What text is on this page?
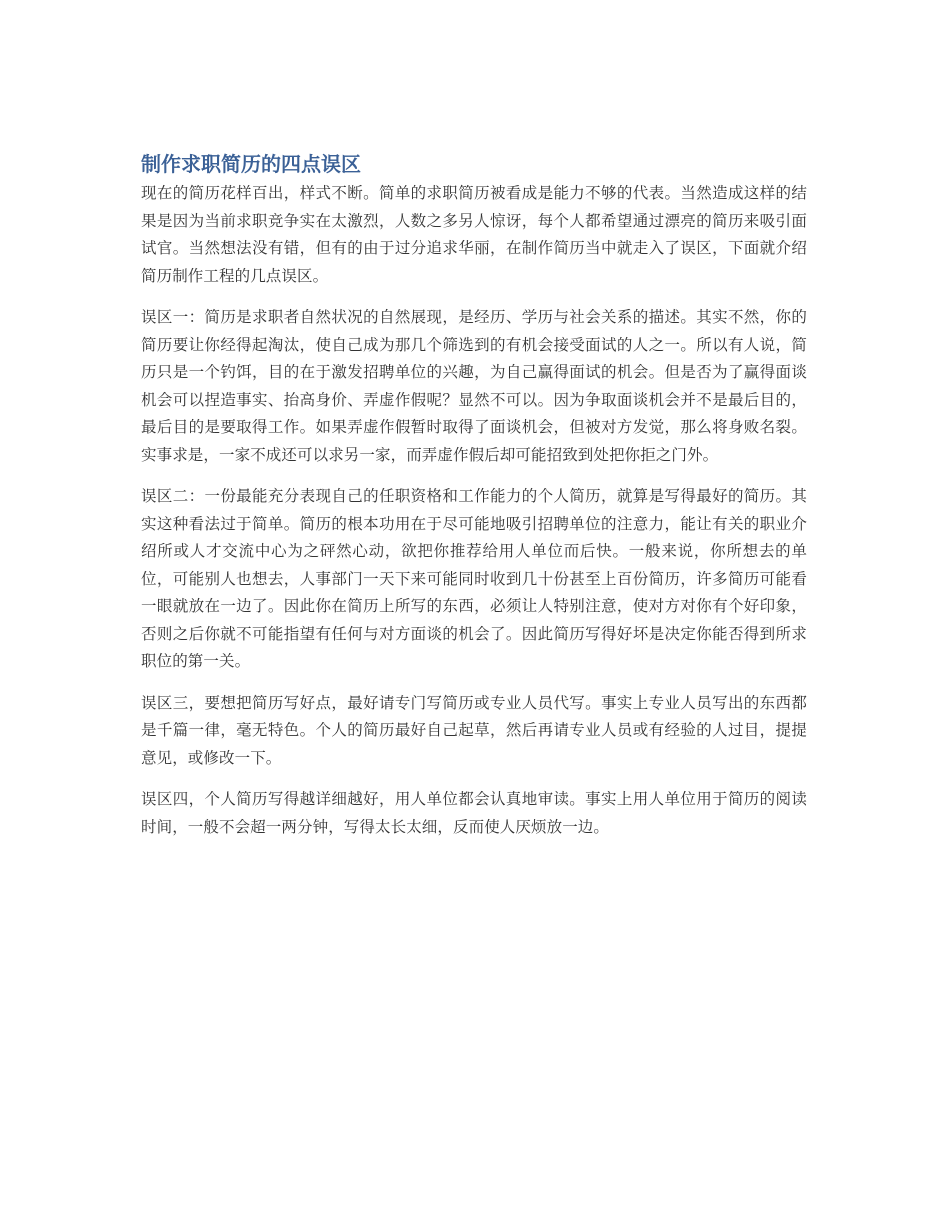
制作求职简历的四点误区

现在的简历花样百出，样式不断。简单的求职简历被看成是能力不够的代表。当然造成这样的结果是因为当前求职竞争实在太激烈，人数之多另人惊讶，每个人都希望通过漂亮的简历来吸引面试官。当然想法没有错，但有的由于过分追求华丽，在制作简历当中就走入了误区，下面就介绍简历制作工程的几点误区。

误区一：简历是求职者自然状况的自然展现，是经历、学历与社会关系的描述。其实不然，你的简历要让你经得起淘汰，使自己成为那几个筛选到的有机会接受面试的人之一。所以有人说，简历只是一个钓饵，目的在于激发招聘单位的兴趣，为自己赢得面试的机会。但是否为了赢得面谈机会可以捏造事实、抬高身价、弄虚作假呢？显然不可以。因为争取面谈机会并不是最后目的，最后目的是要取得工作。如果弄虚作假暂时取得了面谈机会，但被对方发觉，那么将身败名裂。实事求是，一家不成还可以求另一家，而弄虚作假后却可能招致到处把你拒之门外。

误区二：一份最能充分表现自己的任职资格和工作能力的个人简历，就算是写得最好的简历。其实这种看法过于简单。简历的根本功用在于尽可能地吸引招聘单位的注意力，能让有关的职业介绍所或人才交流中心为之砰然心动，欲把你推荐给用人单位而后快。一般来说，你所想去的单位，可能别人也想去，人事部门一天下来可能同时收到几十份甚至上百份简历，许多简历可能看一眼就放在一边了。因此你在简历上所写的东西，必须让人特别注意，使对方对你有个好印象，否则之后你就不可能指望有任何与对方面谈的机会了。因此简历写得好坏是决定你能否得到所求职位的第一关。

误区三，要想把简历写好点，最好请专门写简历或专业人员代写。事实上专业人员写出的东西都是千篇一律，毫无特色。个人的简历最好自己起草，然后再请专业人员或有经验的人过目，提提意见，或修改一下。

误区四，个人简历写得越详细越好，用人单位都会认真地审读。事实上用人单位用于简历的阅读时间，一般不会超一两分钟，写得太长太细，反而使人厌烦放一边。
